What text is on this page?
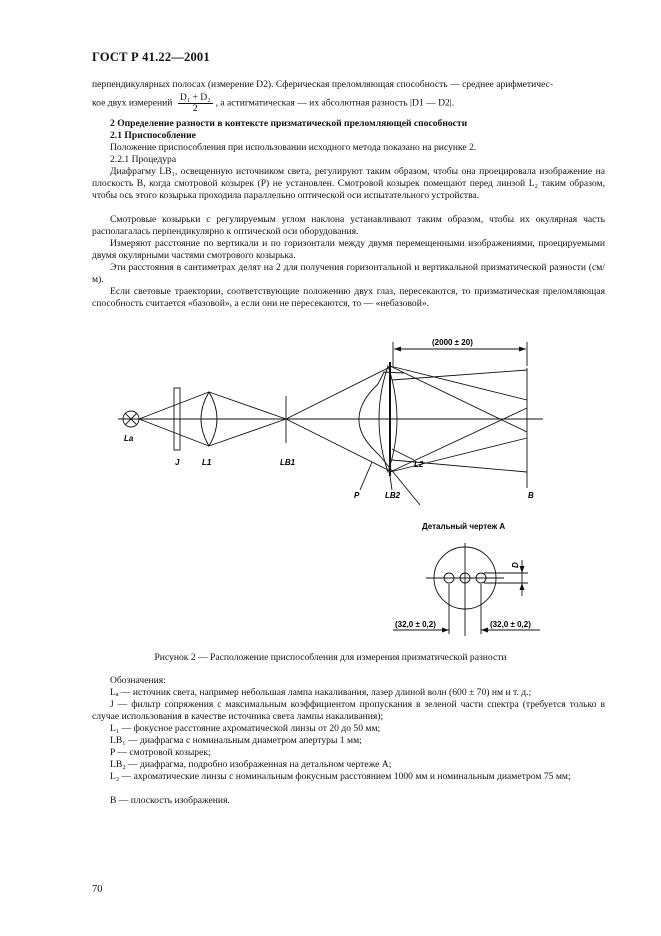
ГОСТ Р 41.22—2001
перпендикулярных полосах (измерение D2). Сферическая преломляющая способность — среднее арифметичес-
кое двух измерений $\frac{\text{D₁ + D₂}}{2}$ , а астигматическая — их абсолютная разность |D1 — D2|.
2 Определение разности в контексте призматической преломляющей способности
2.1 Приспособление
Положение приспособления при использовании исходного метода показано на рисунке 2.
2.2.1 Процедура
Диафрагму LB₁, освещенную источником света, регулируют таким образом, чтобы она проецировала изображение на плоскость B, когда смотровой козырек (P) не установлен. Смотровой козырек помещают перед линзой L₂ таким образом, чтобы ось этого козырька проходила параллельно оптической оси испытательного устройства.
Смотровые козырьки с регулируемым углом наклона устанавливают таким образом, чтобы их окулярная часть располагалась перпендикулярно к оптической оси оборудования.
Измеряют расстояние по вертикали и по горизонтали между двумя перемещенными изображениями, проецируемыми двумя окулярными частями смотрового козырька.
Эти расстояния в сантиметрах делят на 2 для получения горизонтальной и вертикальной призматической разности (см/м).
Если световые траектории, соответствующие положению двух глаз, пересекаются, то призматическая преломляющая способность считается «базовой», а если они не пересекаются, то — «небазовой».
(2000 ± 20)
La
J	L1	LB1	L2
P	LB2	B
Детальный чертеж А
(32,0 ± 0,2)	(32,0 ± 0,2)
D
Рисунок 2 — Расположение приспособления для измерения призматической разности
Обозначения:
Lₐ — источник света, например небольшая лампа накаливания, лазер длиной волн (600 ± 70) нм и т. д.;
J — фильтр сопряжения с максимальным коэффициентом пропускания в зеленой части спектра (требуется только в случае использования в качестве источника света лампы накаливания);
L₁ — фокусное расстояние ахроматической линзы от 20 до 50 мм;
LB₁ — диафрагма с номинальным диаметром апертуры 1 мм;
P — смотровой козырек;
LB₂ — диафрагма, подробно изображенная на детальном чертеже А;
L₂ — ахроматические линзы с номинальным фокусным расстоянием 1000 мм и номинальным диаметром 75 мм;
B — плоскость изображения.
70
